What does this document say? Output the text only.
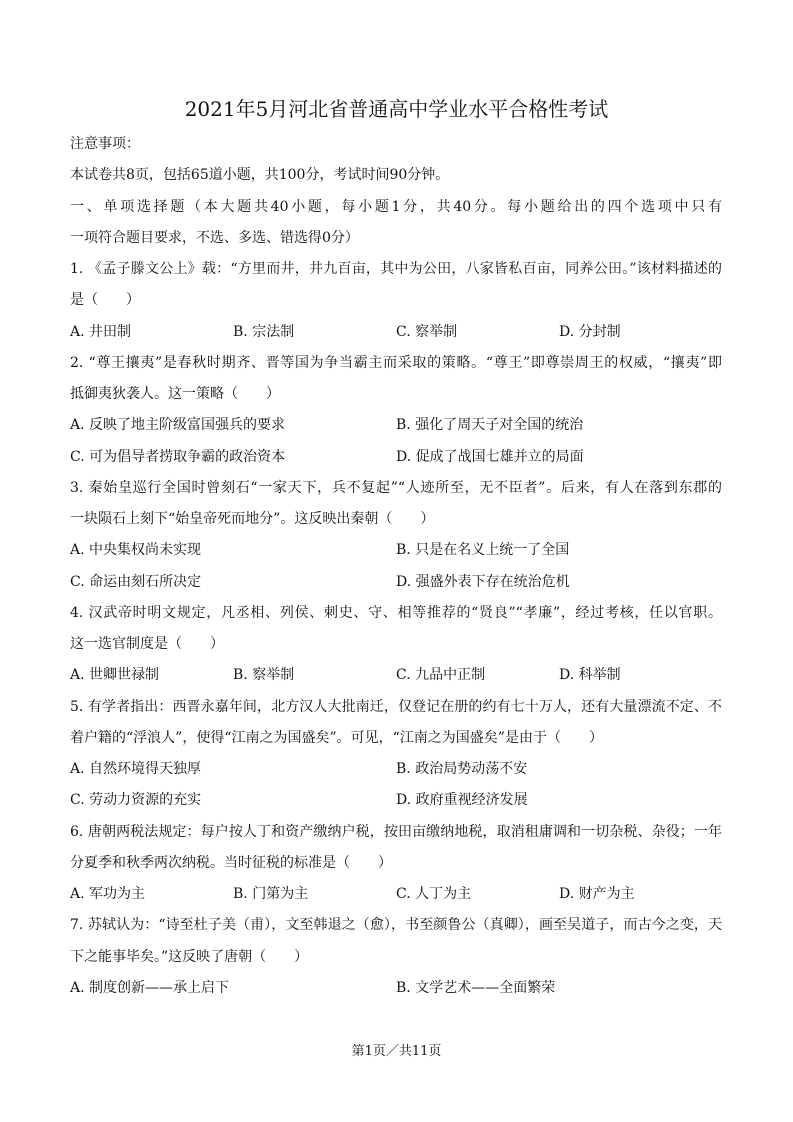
2021年5月河北省普通高中学业水平合格性考试
注意事项：
本试卷共8页，包括65道小题，共100分，考试时间90分钟。
一、单项选择题（本大题共40小题，每小题1分，共40分。每小题给出的四个选项中只有
一项符合题目要求，不选、多选、错选得0分）
1. 《孟子滕文公上》载：“方里而井，井九百亩，其中为公田，八家皆私百亩，同养公田。”该材料描述的
是（　　）
A. 井田制	B. 宗法制	C. 察举制	D. 分封制
2. “尊王攘夷”是春秋时期齐、晋等国为争当霸主而采取的策略。“尊王”即尊崇周王的权威，“攘夷”即
抵御夷狄袭人。这一策略（　　）
A. 反映了地主阶级富国强兵的要求	B. 强化了周天子对全国的统治
C. 可为倡导者捞取争霸的政治资本	D. 促成了战国七雄并立的局面
3. 秦始皇巡行全国时曾刻石“一家天下，兵不复起”“人迹所至，无不臣者”。后来，有人在落到东郡的
一块陨石上刻下“始皇帝死而地分”。这反映出秦朝（　　）
A. 中央集权尚未实现	B. 只是在名义上统一了全国
C. 命运由刻石所决定	D. 强盛外表下存在统治危机
4. 汉武帝时明文规定，凡丞相、列侯、刺史、守、相等推荐的“贤良”“孝廉”，经过考核，任以官职。
这一选官制度是（　　）
A. 世卿世禄制	B. 察举制	C. 九品中正制	D. 科举制
5. 有学者指出：西晋永嘉年间，北方汉人大批南迁，仅登记在册的约有七十万人，还有大量漂流不定、不
着户籍的“浮浪人”，使得“江南之为国盛矣”。可见，“江南之为国盛矣”是由于（　　）
A. 自然环境得天独厚	B. 政治局势动荡不安
C. 劳动力资源的充实	D. 政府重视经济发展
6. 唐朝两税法规定：每户按人丁和资产缴纳户税，按田亩缴纳地税，取消租庸调和一切杂税、杂役；一年
分夏季和秋季两次纳税。当时征税的标准是（　　）
A. 军功为主	B. 门第为主	C. 人丁为主	D. 财产为主
7. 苏轼认为：“诗至杜子美（甫），文至韩退之（愈），书至颜鲁公（真卿），画至吴道子，而古今之变，天
下之能事毕矣。”这反映了唐朝（　　）
A. 制度创新——承上启下	B. 文学艺术——全面繁荣
第1页／共11页
